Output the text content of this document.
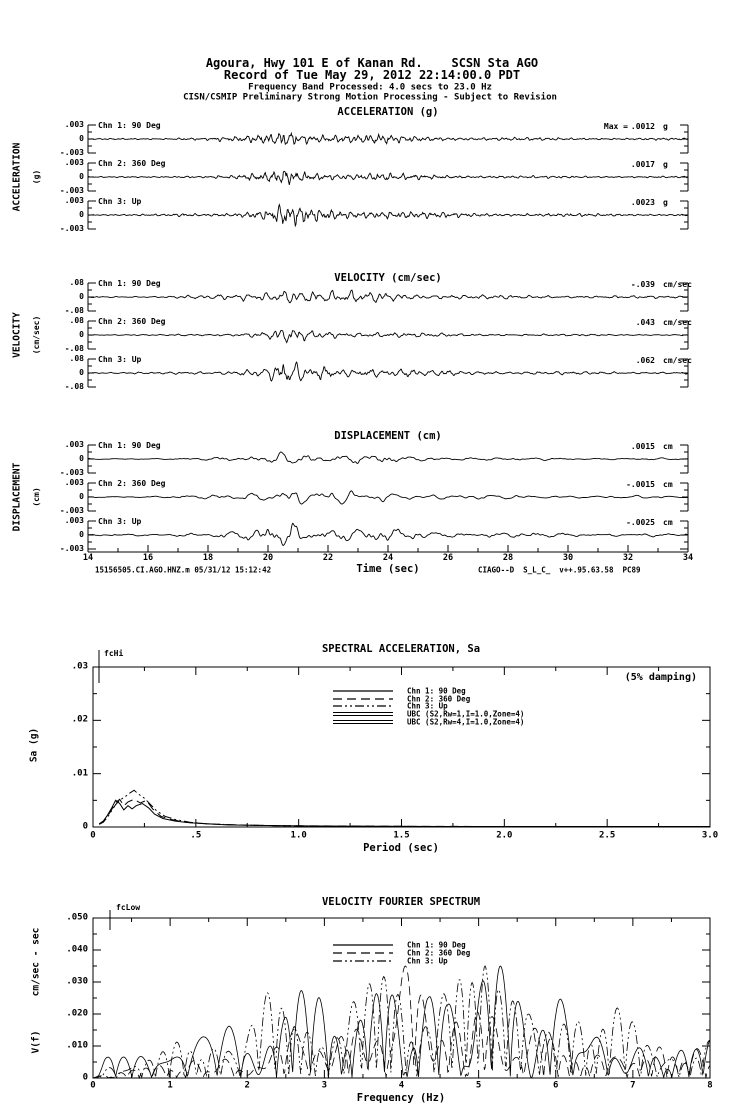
Agoura, Hwy 101 E of Kanan Rd.    SCSN Sta AGO
Record of Tue May 29, 2012 22:14:00.0 PDT
Frequency Band Processed: 4.0 secs to 23.0 Hz
CISN/CSMIP Preliminary Strong Motion Processing - Subject to Revision
ACCELERATION (g)
VELOCITY (cm/sec)
DISPLACEMENT (cm)
ACCELERATION (g)
VELOCITY (cm/sec)
DISPLACEMENT (cm)
Time (sec)
15156505.CI.AGO.HNZ.m 05/31/12 15:12:42	CIAGO--D  S_L_C_  v++.95.63.58  PC89
SPECTRAL ACCELERATION, Sa
fcHi
(5% damping)
Period (sec)
Sa (g)
VELOCITY FOURIER SPECTRUM
fcLow
Frequency (Hz)
cm/sec - sec
V(f)
.003
0
-.003
Chn 1: 90 Deg	Max = .0012 g
.003
0
-.003
Chn 2: 360 Deg	.0017 g
.003
0
-.003
Chn 3: Up	.0023 g
.08
0
-.08
Chn 1: 90 Deg	-.039 cm/sec
.08
0
-.08
Chn 2: 360 Deg	.043 cm/sec
.08
0
-.08
Chn 3: Up	.062 cm/sec
.003
0
-.003
Chn 1: 90 Deg	.0015 cm
.003
0
-.003
Chn 2: 360 Deg	-.0015 cm
.003
0
-.003
Chn 3: Up	-.0025 cm
14	16	18	20	22	24	26	28	30	32	34
.03
.02
.01
0
0	.5	1.0	1.5	2.0	2.5	3.0
Chn 1: 90 Deg
Chn 2: 360 Deg
Chn 3: Up
UBC (S2,Rw=1,I=1.0,Zone=4)
UBC (S2,Rw=4,I=1.0,Zone=4)
.050
.040
.030
.020
.010
0
0	1	2	3	4	5	6	7	8
Chn 1: 90 Deg
Chn 2: 360 Deg
Chn 3: Up
